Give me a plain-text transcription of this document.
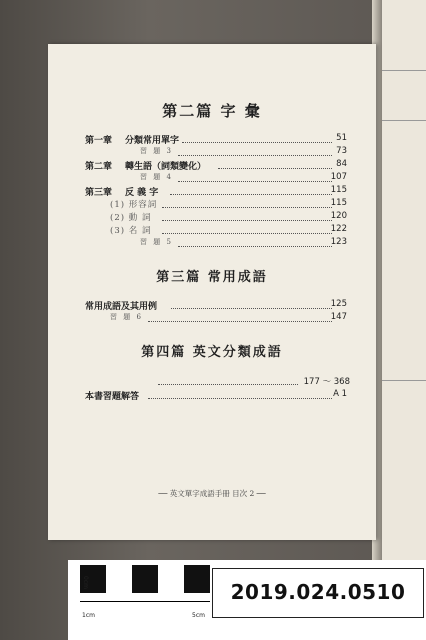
第二篇 字 彙
第一章 分類常用單字	51
習 題 3	73
第二章 轉生語（詞類變化）	84
習 題 4	107
第三章 反 義 字	115
(1) 形容詞	115
(2) 動 詞	120
(3) 名 詞	122
習 題 5	123
第三篇 常用成語
常用成語及其用例	125
習 題 6	147
第四篇 英文分類成語
177 ～ 368
本書習題解答	A 1
── 英文單字成語手冊 目次 2 ──
1cm	5cm
0cm	2019.024.0510
